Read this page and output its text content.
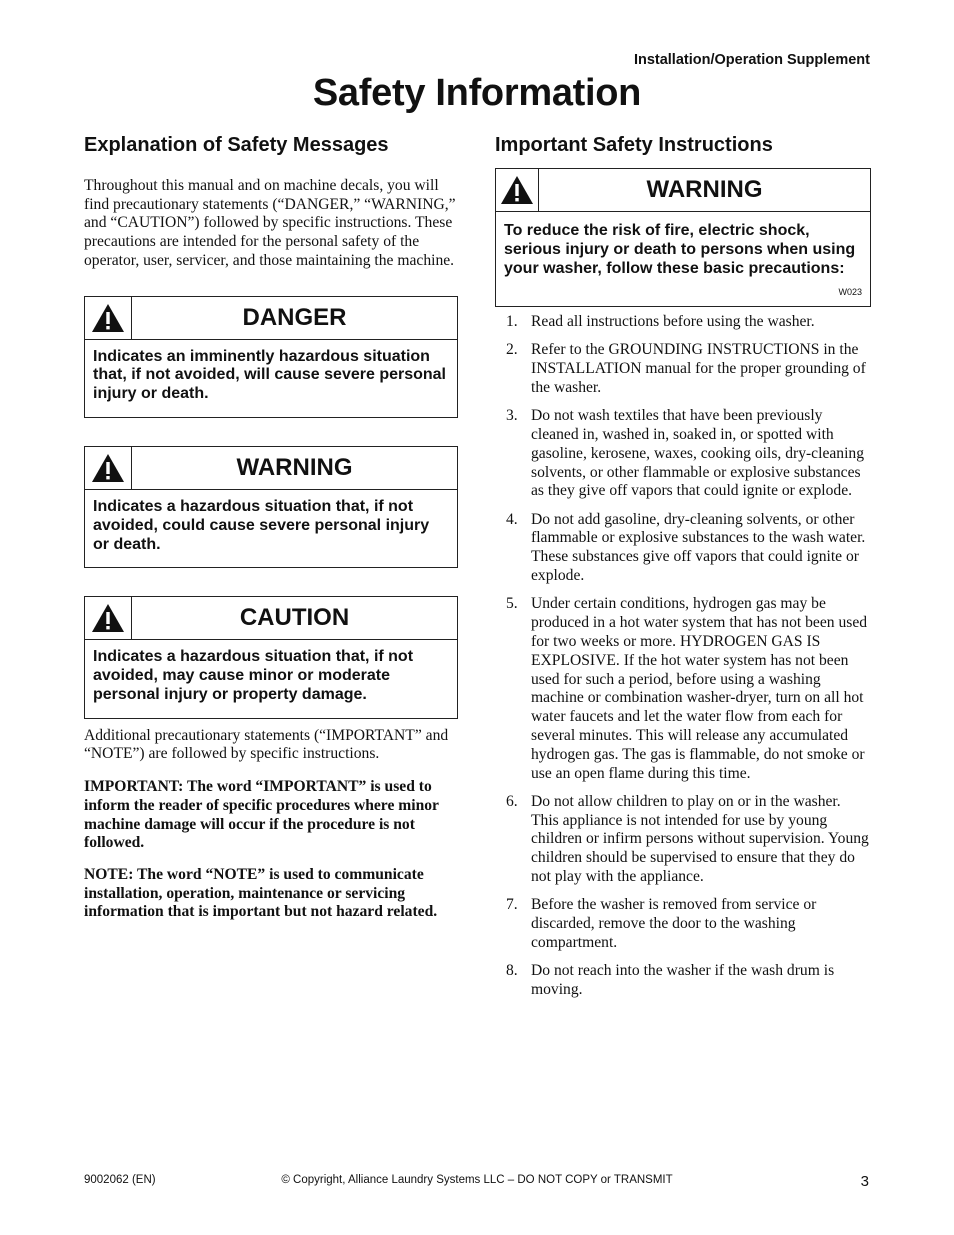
Installation/Operation Supplement
Safety Information
Explanation of Safety Messages

Throughout this manual and on machine decals, you will find precautionary statements (“DANGER,” “WARNING,” and “CAUTION”) followed by specific instructions. These precautions are intended for the personal safety of the operator, user, servicer, and those maintaining the machine.

DANGER
Indicates an imminently hazardous situation that, if not avoided, will cause severe personal injury or death.
WARNING
Indicates a hazardous situation that, if not avoided, could cause severe personal injury or death.
CAUTION
Indicates a hazardous situation that, if not avoided, may cause minor or moderate personal injury or property damage.

Additional precautionary statements (“IMPORTANT” and “NOTE”) are followed by specific instructions.

IMPORTANT: The word “IMPORTANT” is used to inform the reader of specific procedures where minor machine damage will occur if the procedure is not followed.

NOTE: The word “NOTE” is used to communicate installation, operation, maintenance or servicing information that is important but not hazard related.

Important Safety Instructions
WARNING
To reduce the risk of fire, electric shock, serious injury or death to persons when using your washer, follow these basic precautions:
W023
1. Read all instructions before using the washer.
2. Refer to the GROUNDING INSTRUCTIONS in the INSTALLATION manual for the proper grounding of the washer.
3. Do not wash textiles that have been previously cleaned in, washed in, soaked in, or spotted with gasoline, kerosene, waxes, cooking oils, dry-cleaning solvents, or other flammable or explosive substances as they give off vapors that could ignite or explode.
4. Do not add gasoline, dry-cleaning solvents, or other flammable or explosive substances to the wash water. These substances give off vapors that could ignite or explode.
5. Under certain conditions, hydrogen gas may be produced in a hot water system that has not been used for two weeks or more. HYDROGEN GAS IS EXPLOSIVE. If the hot water system has not been used for such a period, before using a washing machine or combination washer-dryer, turn on all hot water faucets and let the water flow from each for several minutes. This will release any accumulated hydrogen gas. The gas is flammable, do not smoke or use an open flame during this time.
6. Do not allow children to play on or in the washer. This appliance is not intended for use by young children or infirm persons without supervision. Young children should be supervised to ensure that they do not play with the appliance.
7. Before the washer is removed from service or discarded, remove the door to the washing compartment.
8. Do not reach into the washer if the wash drum is moving.
9002062 (EN)	© Copyright, Alliance Laundry Systems LLC – DO NOT COPY or TRANSMIT	3
